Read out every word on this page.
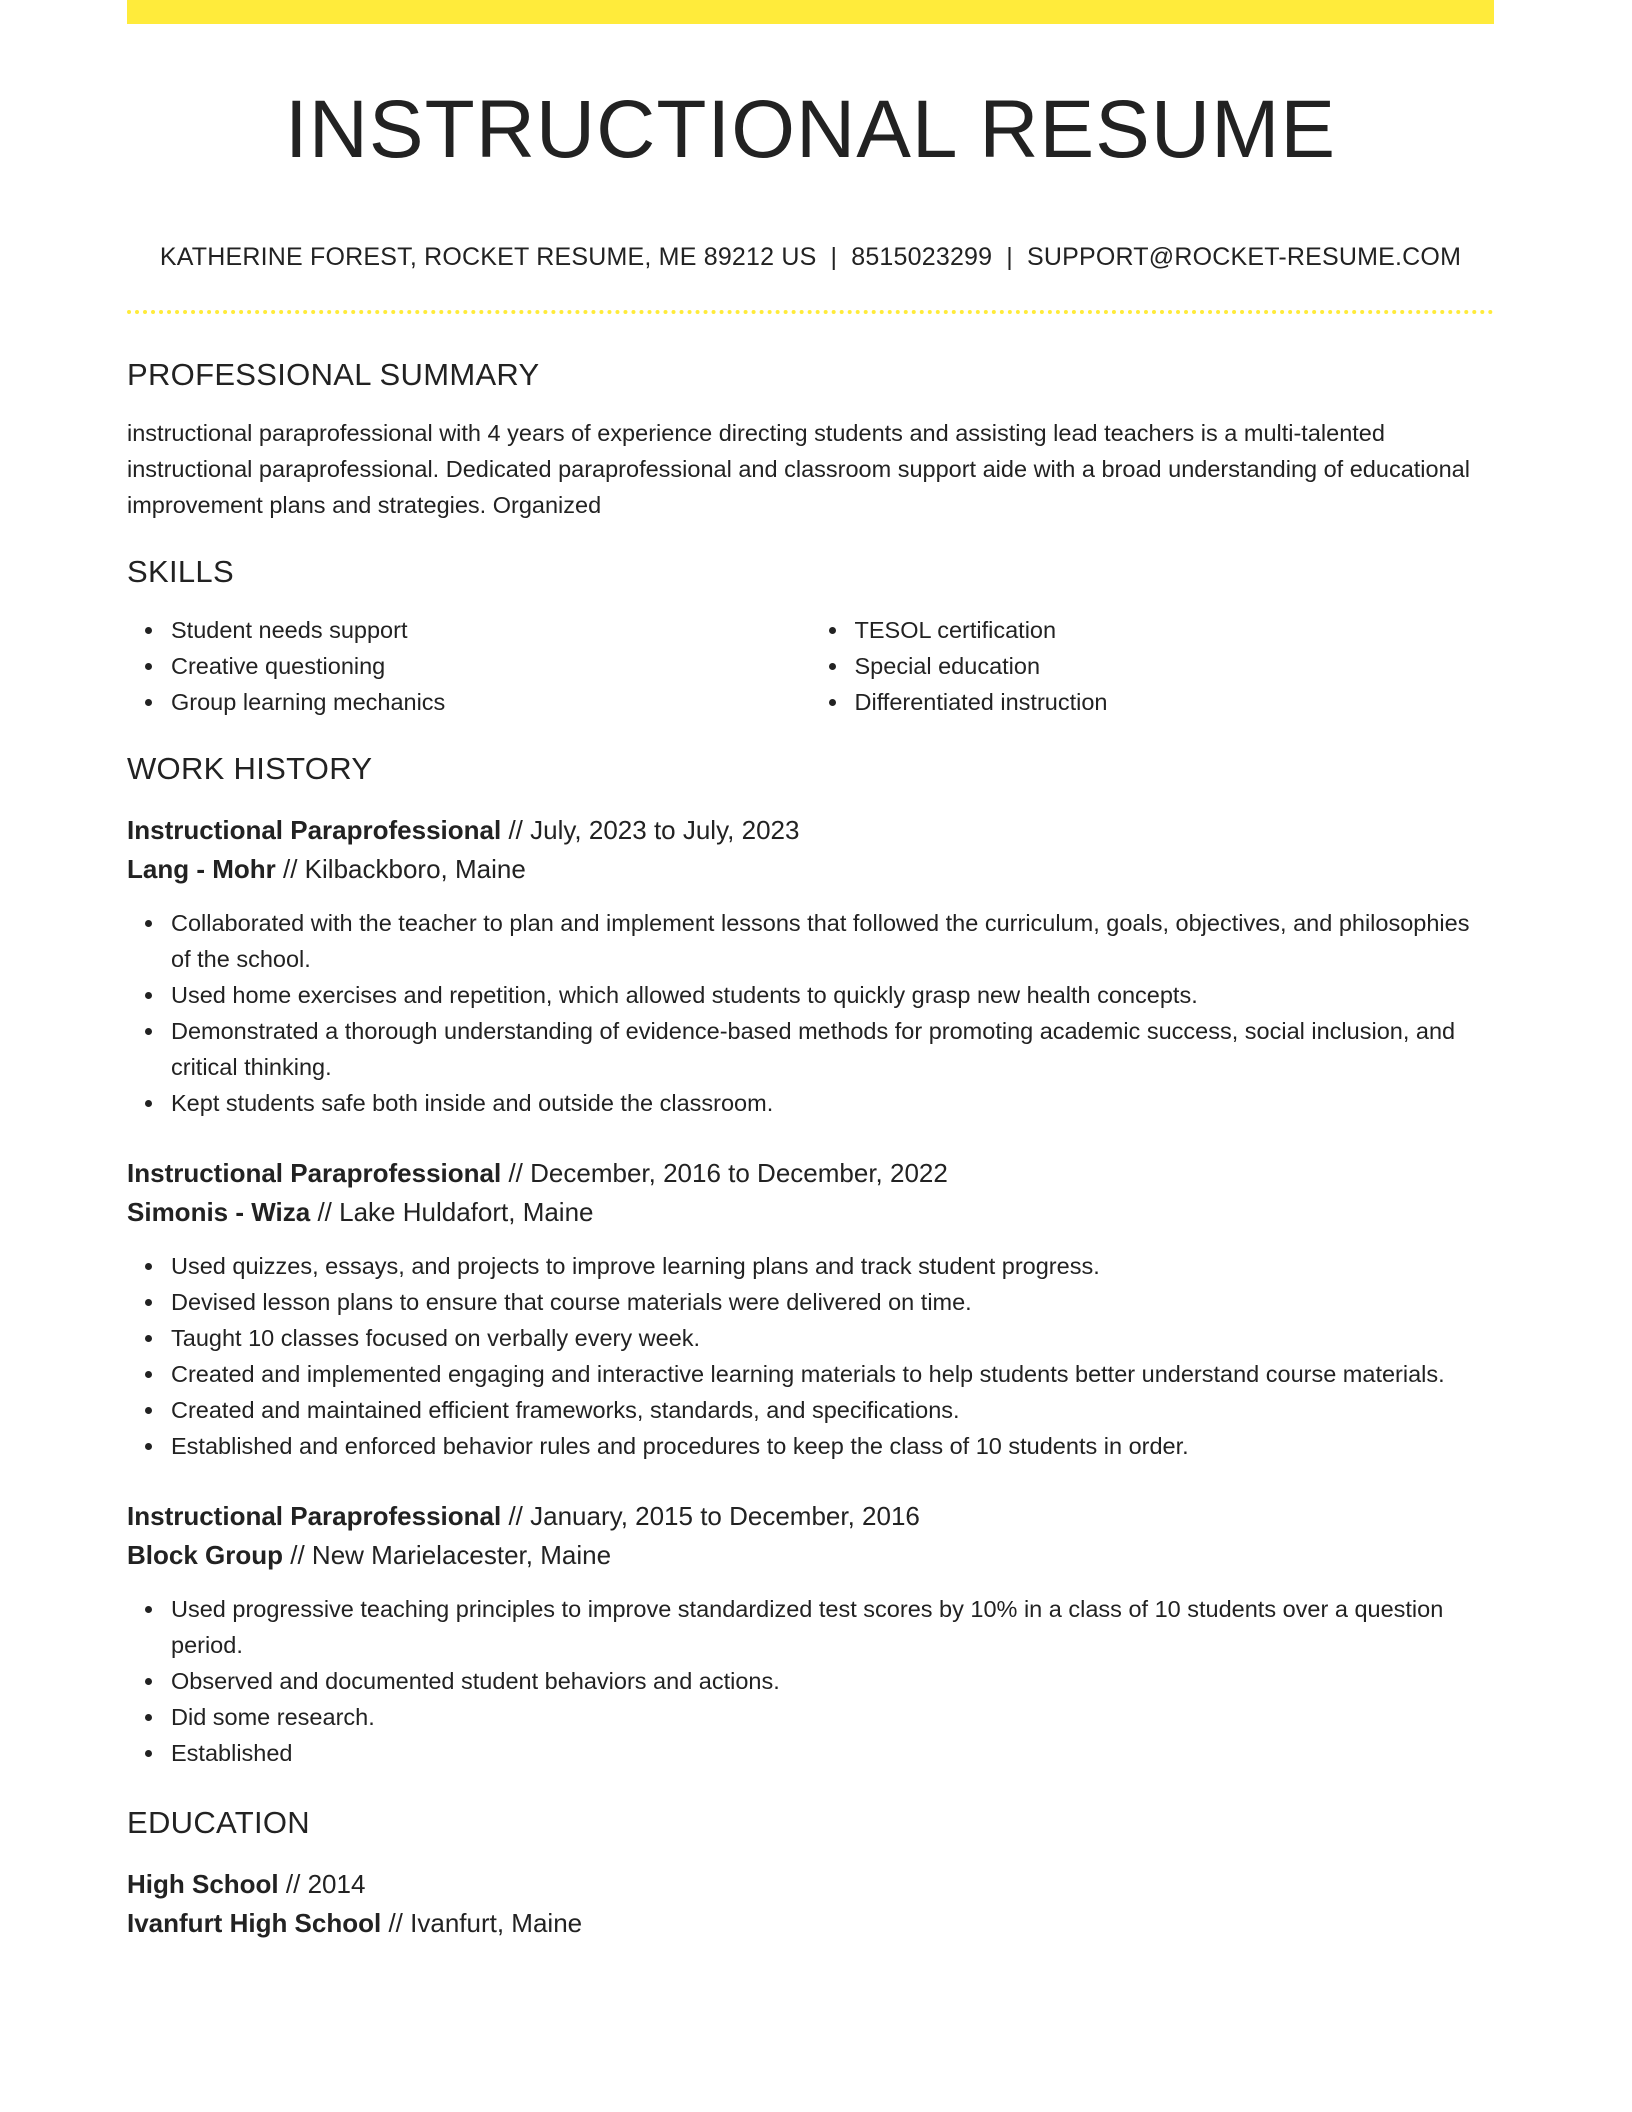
INSTRUCTIONAL RESUME
KATHERINE FOREST, ROCKET RESUME, ME 89212 US | 8515023299 | SUPPORT@ROCKET-RESUME.COM
PROFESSIONAL SUMMARY
instructional paraprofessional with 4 years of experience directing students and assisting lead teachers is a multi-talented instructional paraprofessional. Dedicated paraprofessional and classroom support aide with a broad understanding of educational improvement plans and strategies. Organized
SKILLS
Student needs support
Creative questioning
Group learning mechanics
TESOL certification
Special education
Differentiated instruction
WORK HISTORY
Instructional Paraprofessional // July, 2023 to July, 2023
Lang - Mohr // Kilbackboro, Maine
Collaborated with the teacher to plan and implement lessons that followed the curriculum, goals, objectives, and philosophies of the school.
Used home exercises and repetition, which allowed students to quickly grasp new health concepts.
Demonstrated a thorough understanding of evidence-based methods for promoting academic success, social inclusion, and critical thinking.
Kept students safe both inside and outside the classroom.
Instructional Paraprofessional // December, 2016 to December, 2022
Simonis - Wiza // Lake Huldafort, Maine
Used quizzes, essays, and projects to improve learning plans and track student progress.
Devised lesson plans to ensure that course materials were delivered on time.
Taught 10 classes focused on verbally every week.
Created and implemented engaging and interactive learning materials to help students better understand course materials.
Created and maintained efficient frameworks, standards, and specifications.
Established and enforced behavior rules and procedures to keep the class of 10 students in order.
Instructional Paraprofessional // January, 2015 to December, 2016
Block Group // New Marielacester, Maine
Used progressive teaching principles to improve standardized test scores by 10% in a class of 10 students over a question period.
Observed and documented student behaviors and actions.
Did some research.
Established
EDUCATION
High School // 2014
Ivanfurt High School // Ivanfurt, Maine
